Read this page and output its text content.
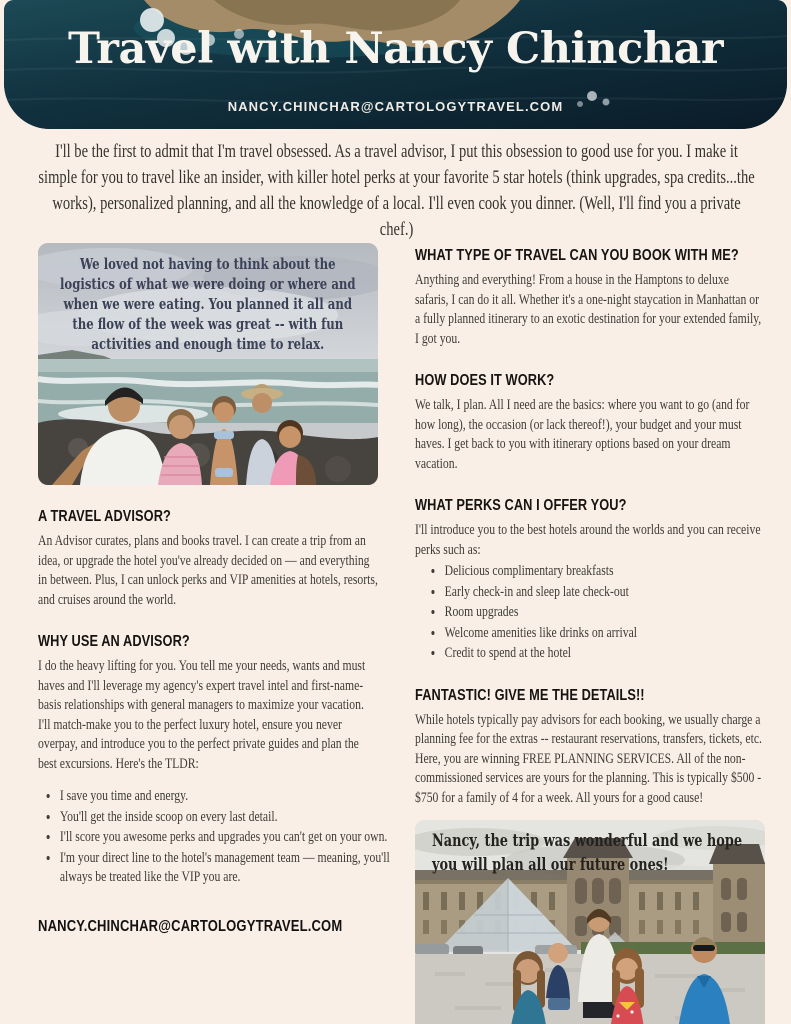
Travel with Nancy Chinchar
NANCY.CHINCHAR@CARTOLOGYTRAVEL.COM

I'll be the first to admit that I'm travel obsessed. As a travel advisor, I put this obsession to good use for you. I make it simple for you to travel like an insider, with killer hotel perks at your favorite 5 star hotels (think upgrades, spa credits...the works), personalized planning, and all the knowledge of a local. I'll even cook you dinner. (Well, I'll find you a private chef.)

We loved not having to think about the logistics of what we were doing or where and when we were eating. You planned it all and the flow of the week was great -- with fun activities and enough time to relax.
A TRAVEL ADVISOR?

An Advisor curates, plans and books travel. I can create a trip from an idea, or upgrade the hotel you've already decided on — and everything in between. Plus, I can unlock perks and VIP amenities at hotels, resorts, and cruises around the world.

WHY USE AN ADVISOR?

I do the heavy lifting for you. You tell me your needs, wants and must haves and I'll leverage my agency's expert travel intel and first-name-basis relationships with general managers to maximize your vacation. I'll match-make you to the perfect luxury hotel, ensure you never overpay, and introduce you to the perfect private guides and plan the best excursions. Here's the TLDR:

• I save you time and energy.
• You'll get the inside scoop on every last detail.
• I'll score you awesome perks and upgrades you can't get on your own.
• I'm your direct line to the hotel's management team — meaning, you'll always be treated like the VIP you are.
NANCY.CHINCHAR@CARTOLOGYTRAVEL.COM
WHAT TYPE OF TRAVEL CAN YOU BOOK WITH ME?

Anything and everything! From a house in the Hamptons to deluxe safaris, I can do it all. Whether it's a one-night staycation in Manhattan or a fully planned itinerary to an exotic destination for your extended family, I got you.

HOW DOES IT WORK?

We talk, I plan. All I need are the basics: where you want to go (and for how long), the occasion (or lack thereof!), your budget and your must haves. I get back to you with itinerary options based on your dream vacation.

WHAT PERKS CAN I OFFER YOU?

I'll introduce you to the best hotels around the worlds and you can receive perks such as:

• Delicious complimentary breakfasts
• Early check-in and sleep late check-out
• Room upgrades
• Welcome amenities like drinks on arrival
• Credit to spend at the hotel
FANTASTIC! GIVE ME THE DETAILS!!

While hotels typically pay advisors for each booking, we usually charge a planning fee for the extras -- restaurant reservations, transfers, tickets, etc. Here, you are winning FREE PLANNING SERVICES. All of the non-commissioned services are yours for the planning. This is typically $500 - $750 for a family of 4 for a week. All yours for a good cause!

Nancy, the trip was wonderful and we hope you will plan all our future ones!
